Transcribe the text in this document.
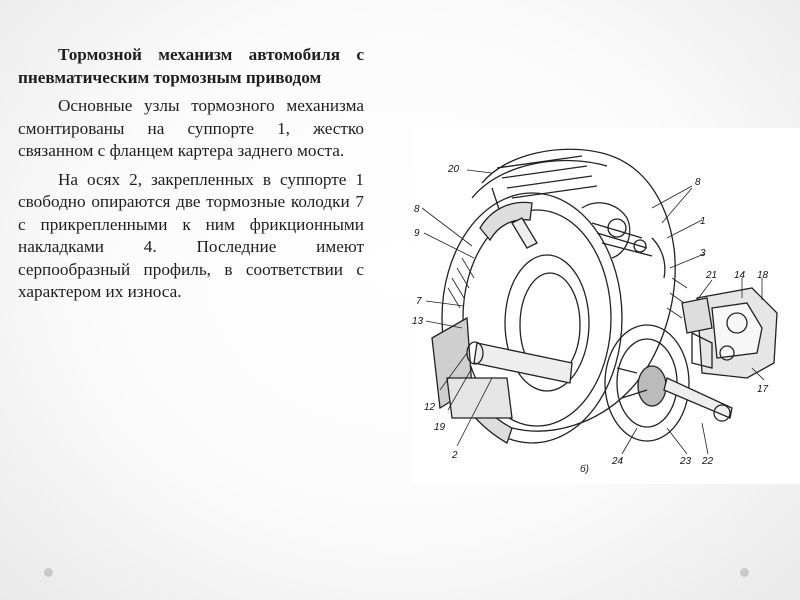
Тормозной механизм автомобиля с пневматическим тормозным приводом

Основные узлы тормозного механизма смонтированы на суппорте 1, жестко связанном с фланцем картера заднего моста.

На осях 2, закрепленных в суппорте 1 свободно опираются две тормозные колодки 7 с прикрепленными к ним фрикционными накладками 4. Последние имеют серпообразный профиль, в соответствии с характером их износа.

20
8
1
3
8
9
7
13
12
19
2
21 14 18
17
24	23 22
б)
